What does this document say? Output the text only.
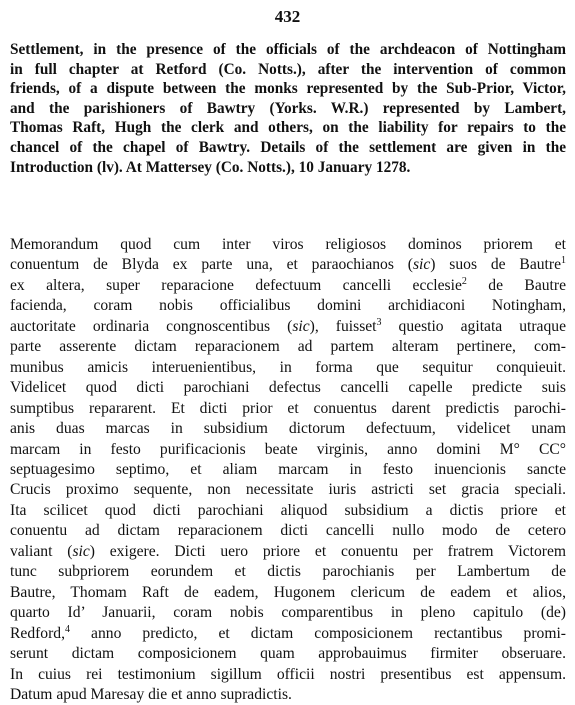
432
Settlement, in the presence of the officials of the archdeacon of Nottingham
in full chapter at Retford (Co. Notts.), after the intervention of common
friends, of a dispute between the monks represented by the Sub-Prior, Victor,
and the parishioners of Bawtry (Yorks. W.R.) represented by Lambert,
Thomas Raft, Hugh the clerk and others, on the liability for repairs to the
chancel of the chapel of Bawtry. Details of the settlement are given in the
Introduction (lv). At Mattersey (Co. Notts.), 10 January 1278.
Memorandum quod cum inter viros religiosos dominos priorem et
conuentum de Blyda ex parte una, et paraochianos (sic) suos de Bautre$^1$
ex altera, super reparacione defectuum cancelli ecclesie$^2$ de Bautre
facienda, coram nobis officialibus domini archidiaconi Notingham,
auctoritate ordinaria congnoscentibus (sic), fuisset$^3$ questio agitata utraque
parte asserente dictam reparacionem ad partem alteram pertinere, com-
munibus amicis interuenientibus, in forma que sequitur conquieuit.
Videlicet quod dicti parochiani defectus cancelli capelle predicte suis
sumptibus repararent. Et dicti prior et conuentus darent predictis parochi-
anis duas marcas in subsidium dictorum defectuum, videlicet unam
marcam in festo purificacionis beate virginis, anno domini M° CC°
septuagesimo septimo, et aliam marcam in festo inuencionis sancte
Crucis proximo sequente, non necessitate iuris astricti set gracia speciali.
Ita scilicet quod dicti parochiani aliquod subsidium a dictis priore et
conuentu ad dictam reparacionem dicti cancelli nullo modo de cetero
valiant (sic) exigere. Dicti uero priore et conuentu per fratrem Victorem
tunc subpriorem eorundem et dictis parochianis per Lambertum de
Bautre, Thomam Raft de eadem, Hugonem clericum de eadem et alios,
quarto Id’ Januarii, coram nobis comparentibus in pleno capitulo (de)
Redford,$^4$ anno predicto, et dictam composicionem rectantibus promi-
serunt dictam composicionem quam approbauimus firmiter obseruare.
In cuius rei testimonium sigillum officii nostri presentibus est appensum.
Datum apud Maresay die et anno supradictis.
